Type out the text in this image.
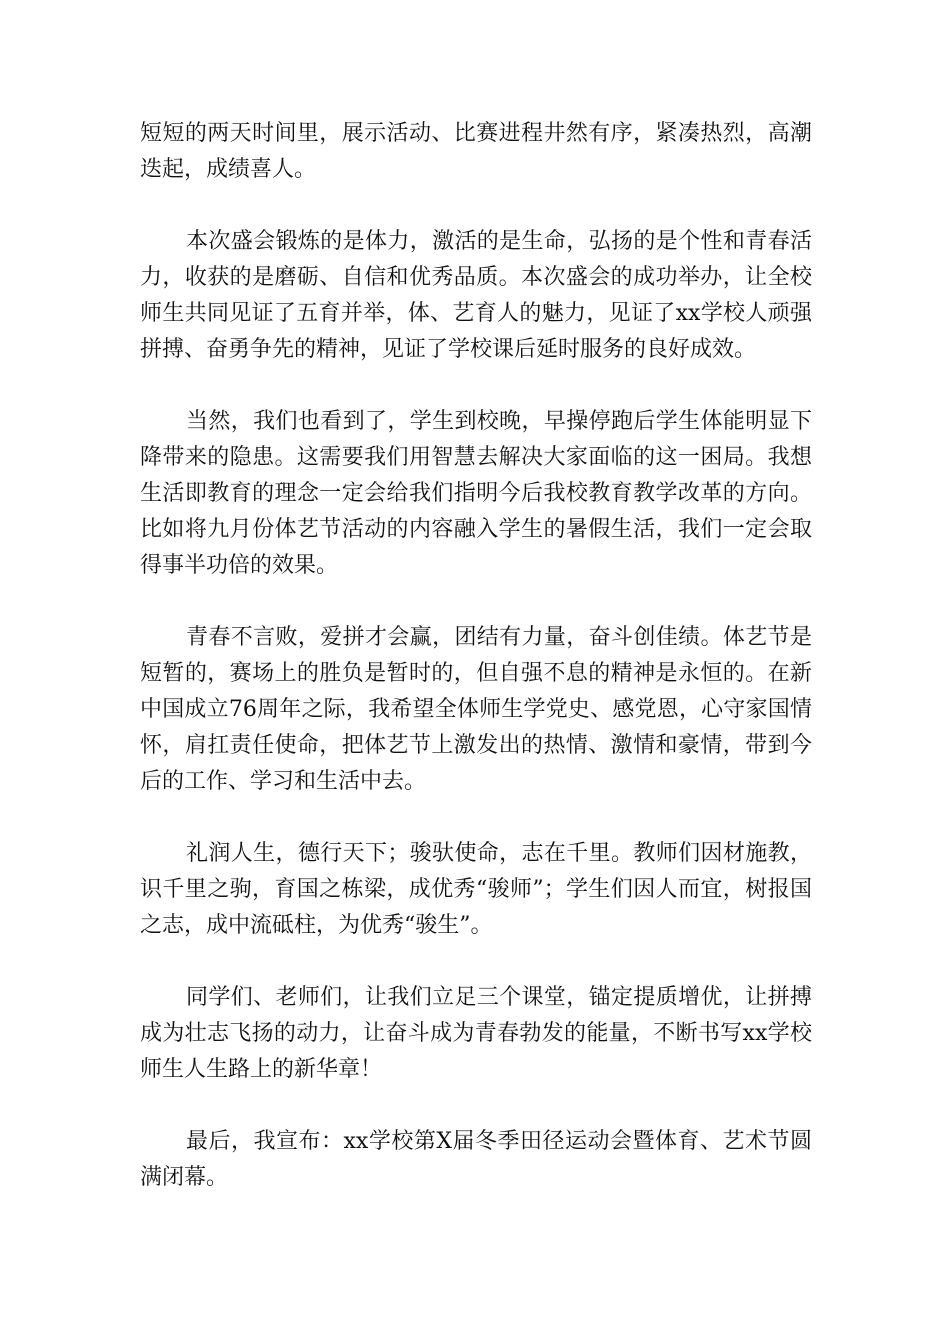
短短的两天时间里，展示活动、比赛进程井然有序，紧凑热烈，高潮迭起，成绩喜人。

本次盛会锻炼的是体力，激活的是生命，弘扬的是个性和青春活力，收获的是磨砺、自信和优秀品质。本次盛会的成功举办，让全校师生共同见证了五育并举，体、艺育人的魅力，见证了xx学校人顽强拼搏、奋勇争先的精神，见证了学校课后延时服务的良好成效。

当然，我们也看到了，学生到校晚，早操停跑后学生体能明显下降带来的隐患。这需要我们用智慧去解决大家面临的这一困局。我想生活即教育的理念一定会给我们指明今后我校教育教学改革的方向。比如将九月份体艺节活动的内容融入学生的暑假生活，我们一定会取得事半功倍的效果。

青春不言败，爱拼才会赢，团结有力量，奋斗创佳绩。体艺节是短暂的，赛场上的胜负是暂时的，但自强不息的精神是永恒的。在新中国成立76周年之际，我希望全体师生学党史、感党恩，心守家国情怀，肩扛责任使命，把体艺节上激发出的热情、激情和豪情，带到今后的工作、学习和生活中去。

礼润人生，德行天下；骏驮使命，志在千里。教师们因材施教，识千里之驹，育国之栋梁，成优秀“骏师”；学生们因人而宜，树报国之志，成中流砥柱，为优秀“骏生”。

同学们、老师们，让我们立足三个课堂，锚定提质增优，让拼搏成为壮志飞扬的动力，让奋斗成为青春勃发的能量，不断书写xx学校师生人生路上的新华章！

最后，我宣布：xx学校第X届冬季田径运动会暨体育、艺术节圆满闭幕。
